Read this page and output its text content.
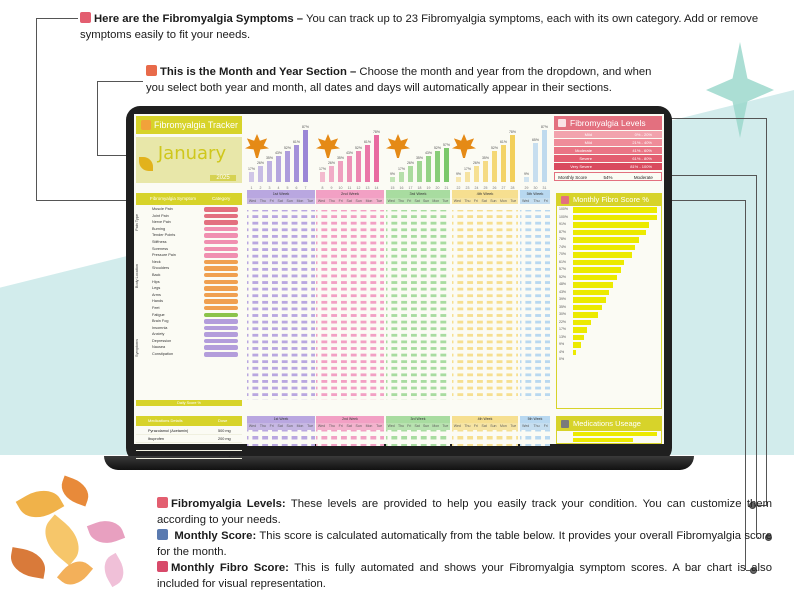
Here are the Fibromyalgia Symptoms – You can track up to 23 Fibromyalgia symptoms, each with its own category. Add or remove symptoms easily to fit your needs.
This is the Month and Year Section – Choose the month and year from the dropdown, and when you select both year and month, all dates and days will automatically appear in their sections.
Fibromyalgia Levels: These levels are provided to help you easily track your condition. You can customize them according to your needs.
Monthly Score: This score is calculated automatically from the table below. It provides your overall Fibromyalgia score for the month.
Monthly Fibro Score: This is fully automated and shows your Fibromyalgia symptom scores. A bar chart is also included for visual representation.
Fibromyalgia Tracker
January
2025
17%
1
26%
2
35%
3
43%
4
52%
5
61%
6
87%
7
17%
8
26%
9
35%
10
43%
11
52%
12
61%
13
78%
14
9%
15
17%
16
26%
17
35%
18
43%
19
52%
20
57%
21
9%
22
17%
23
26%
24
35%
25
52%
26
61%
27
78%
28
9%
29
65%
30
87%
31
Fibromyalgia Levels
Mild	0% - 20%
Mild	21% - 40%
Moderate	41% - 60%
Severe	61% - 80%
Very Severe	81% - 100%
Monthly Score	54%	Moderate
Fibromyalgia Symptom	Category
Muscle Pain
Joint Pain
Nerve Pain
Burning
Tender Points
Stiffness
Soreness
Pressure Pain
Neck
Shoulders
Back
Hips
Legs
Arms
Hands
Feet
Fatigue
Brain Fog
Insomnia
Anxiety
Depression
Nausea
Constipation
Pain Type
Body Location
Symptoms
Daily Score %
1st Week
Wed Thu Fri Sat Sun Mon Tue
2nd Week
Wed Thu Fri Sat Sun Mon Tue
3rd Week
Wed Thu Fri Sat Sun Mon Tue
4th Week
Wed Thu Fri Sat Sun Mon Tue
5th Week
Wed Thu Fri	Monthly Fibro Score %
100%
100%
91%
87%
78%
74%
70%
61%
57%
52%
48%
43%
39%
35%
30%
22%
17%
13%
9%
4%
0%
Medications Details	Dose
Pyrazolamol (Acetamin)	500 mg
Ibuprofen	200 mg
Amoxicillin	300 mg
Metformin	850 mg
1st Week
Wed Thu Fri Sat Sun Mon Tue
2nd Week
Wed Thu Fri Sat Sun Mon Tue
3rd Week
Wed Thu Fri Sat Sun Mon Tue
4th Week
Wed Thu Fri Sat Sun Mon Tue
5th Week
Wed Thu Fri	Medications Useage
